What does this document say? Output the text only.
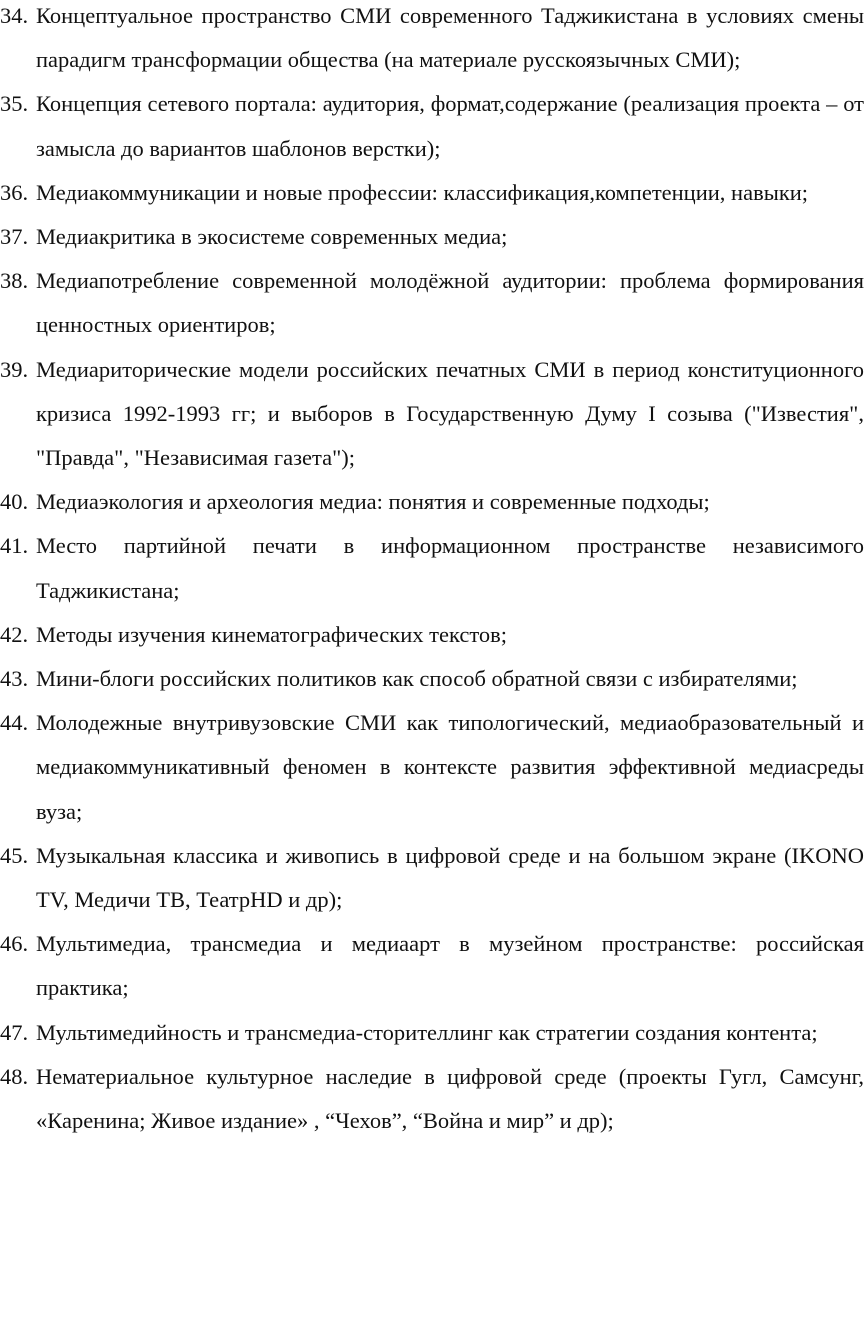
34. Концептуальное пространство СМИ современного Таджикистана в условиях смены парадигм трансформации общества (на материале русскоязычных СМИ);
35. Концепция сетевого портала: аудитория, формат,содержание (реализация проекта – от замысла до вариантов шаблонов верстки);
36. Медиакоммуникации и новые профессии: классификация,компетенции, навыки;
37. Медиакритика в экосистеме современных медиа;
38. Медиапотребление современной молодёжной аудитории: проблема формирования ценностных ориентиров;
39. Медиариторические модели российских печатных СМИ в период конституционного кризиса 1992-1993 гг; и выборов в Государственную Думу I созыва ("Известия", "Правда", "Независимая газета");
40. Медиаэкология и археология медиа: понятия и современные подходы;
41. Место партийной печати в информационном пространстве независимого Таджикистана;
42. Методы изучения кинематографических текстов;
43. Мини-блоги российских политиков как способ обратной связи с избирателями;
44. Молодежные внутривузовские СМИ как типологический, медиаобразовательный и медиакоммуникативный феномен в контексте развития эффективной медиасреды вуза;
45. Музыкальная классика и живопись в цифровой среде и на большом экране (IKONO TV, Медичи ТВ, ТеатрHD и др);
46. Мультимедиа, трансмедиа и медиаарт в музейном пространстве: российская практика;
47. Мультимедийность и трансмедиа-сторителлинг как стратегии создания контента;
48. Нематериальное культурное наследие в цифровой среде (проекты Гугл, Самсунг, «Каренина; Живое издание» , “Чехов”, “Война и мир” и др);
